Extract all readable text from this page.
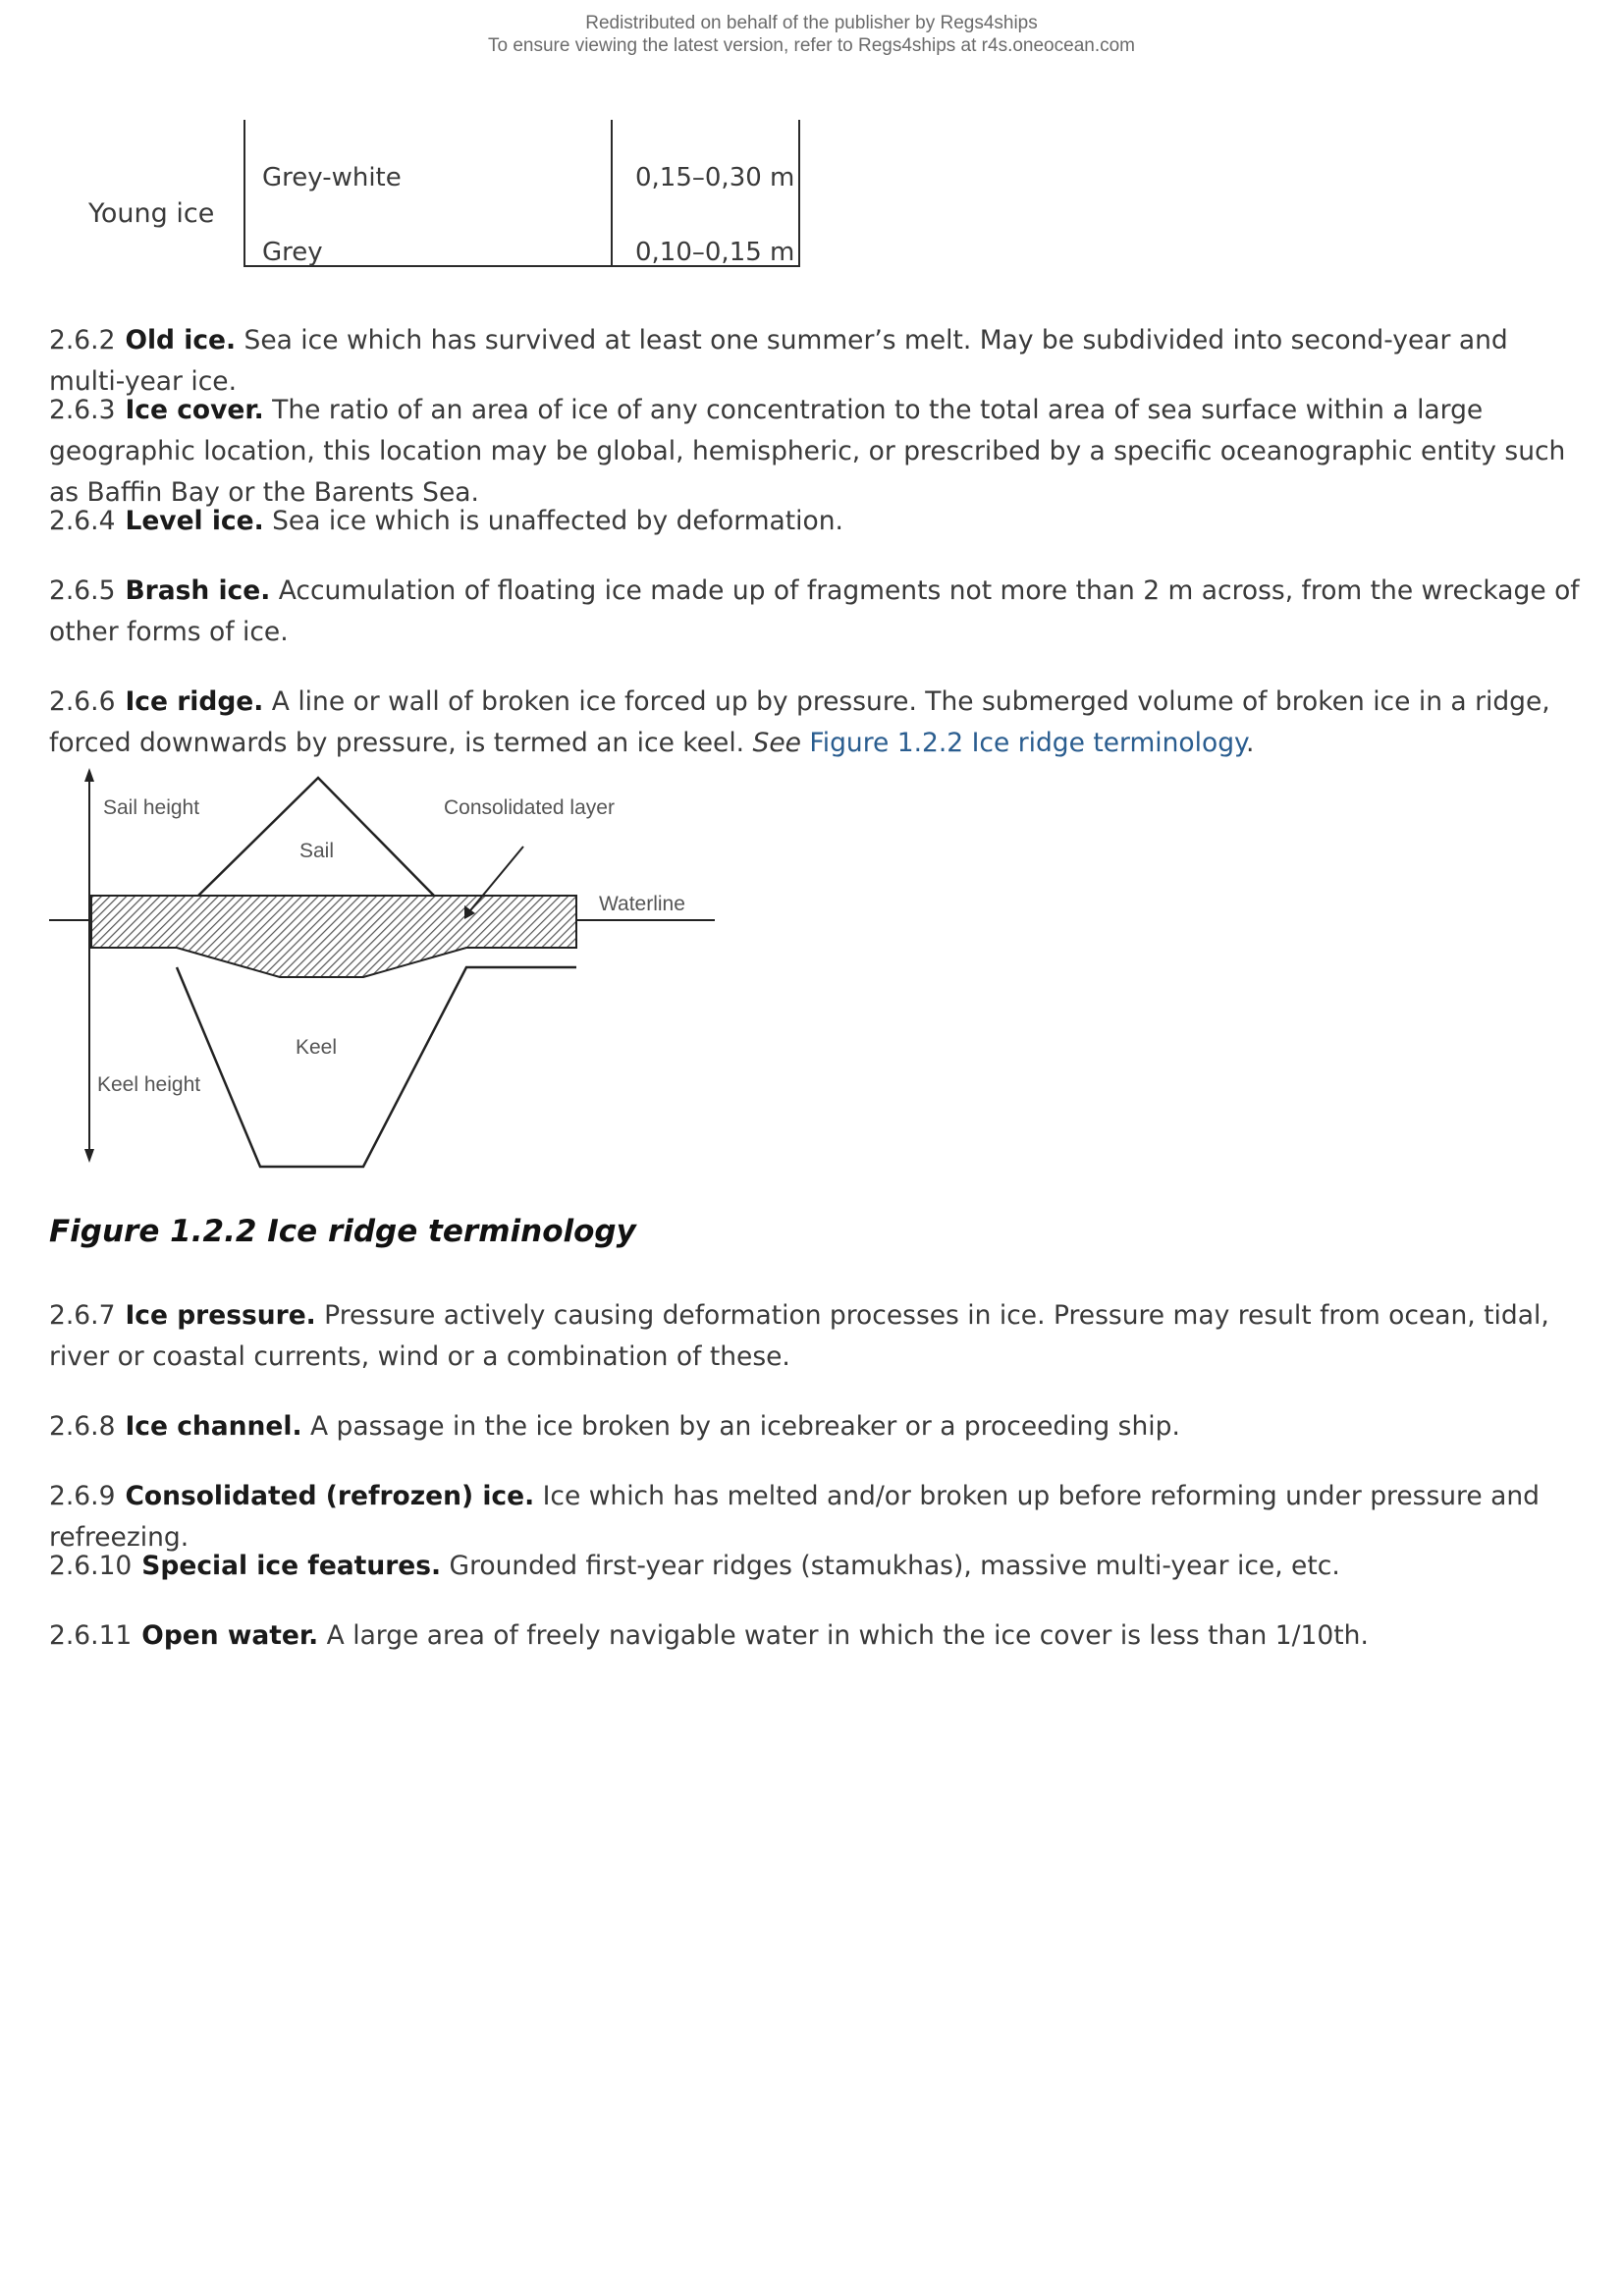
Redistributed on behalf of the publisher by Regs4ships
To ensure viewing the latest version, refer to Regs4ships at r4s.oneocean.com
Young ice
Grey-white	0,15–0,30 m
Grey	0,10–0,15 m
2.6.2 Old ice. Sea ice which has survived at least one summer’s melt. May be subdivided into second-year and multi-year ice.
2.6.3 Ice cover. The ratio of an area of ice of any concentration to the total area of sea surface within a large geographic location, this location may be global, hemispheric, or prescribed by a specific oceanographic entity such as Baffin Bay or the Barents Sea.
2.6.4 Level ice. Sea ice which is unaffected by deformation.
2.6.5 Brash ice. Accumulation of floating ice made up of fragments not more than 2 m across, from the wreckage of other forms of ice.
2.6.6 Ice ridge. A line or wall of broken ice forced up by pressure. The submerged volume of broken ice in a ridge, forced downwards by pressure, is termed an ice keel. See Figure 1.2.2 Ice ridge terminology.
Sail height
Sail
Consolidated layer
Waterline
Keel
Keel height
Figure 1.2.2 Ice ridge terminology
2.6.7 Ice pressure. Pressure actively causing deformation processes in ice. Pressure may result from ocean, tidal, river or coastal currents, wind or a combination of these.
2.6.8 Ice channel. A passage in the ice broken by an icebreaker or a proceeding ship.
2.6.9 Consolidated (refrozen) ice. Ice which has melted and/or broken up before reforming under pressure and refreezing.
2.6.10 Special ice features. Grounded first-year ridges (stamukhas), massive multi-year ice, etc.
2.6.11 Open water. A large area of freely navigable water in which the ice cover is less than 1/10th.
